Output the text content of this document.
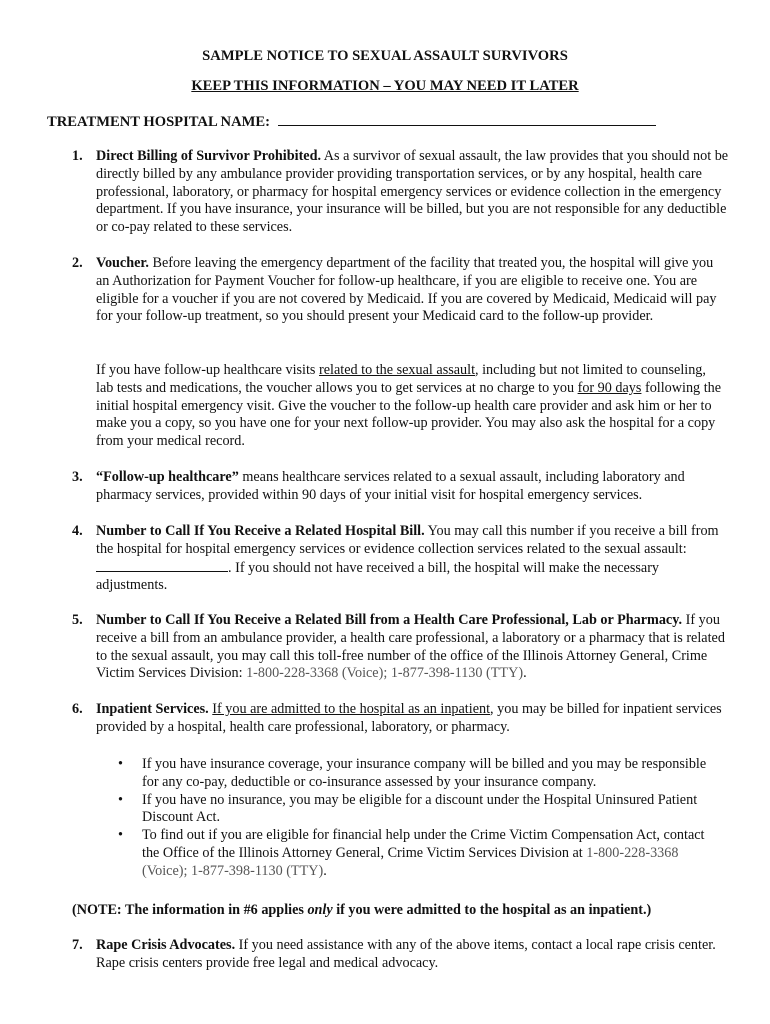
SAMPLE NOTICE TO SEXUAL ASSAULT SURVIVORS
KEEP THIS INFORMATION – YOU MAY NEED IT LATER
TREATMENT HOSPITAL NAME:
1. Direct Billing of Survivor Prohibited. As a survivor of sexual assault, the law provides that you should not be directly billed by any ambulance provider providing transportation services, or by any hospital, health care professional, laboratory, or pharmacy for hospital emergency services or evidence collection in the emergency department. If you have insurance, your insurance will be billed, but you are not responsible for any deductible or co-pay related to these services.
2. Voucher. Before leaving the emergency department of the facility that treated you, the hospital will give you an Authorization for Payment Voucher for follow-up healthcare, if you are eligible to receive one. You are eligible for a voucher if you are not covered by Medicaid. If you are covered by Medicaid, Medicaid will pay for your follow-up treatment, so you should present your Medicaid card to the follow-up provider.
If you have follow-up healthcare visits related to the sexual assault, including but not limited to counseling, lab tests and medications, the voucher allows you to get services at no charge to you for 90 days following the initial hospital emergency visit. Give the voucher to the follow-up health care provider and ask him or her to make you a copy, so you have one for your next follow-up provider. You may also ask the hospital for a copy from your medical record.
3. “Follow-up healthcare” means healthcare services related to a sexual assault, including laboratory and pharmacy services, provided within 90 days of your initial visit for hospital emergency services.
4. Number to Call If You Receive a Related Hospital Bill. You may call this number if you receive a bill from the hospital for hospital emergency services or evidence collection services related to the sexual assault: . If you should not have received a bill, the hospital will make the necessary adjustments.
5. Number to Call If You Receive a Related Bill from a Health Care Professional, Lab or Pharmacy. If you receive a bill from an ambulance provider, a health care professional, a laboratory or a pharmacy that is related to the sexual assault, you may call this toll-free number of the office of the Illinois Attorney General, Crime Victim Services Division: 1-800-228-3368 (Voice); 1-877-398-1130 (TTY).
6. Inpatient Services. If you are admitted to the hospital as an inpatient, you may be billed for inpatient services provided by a hospital, health care professional, laboratory, or pharmacy.
• If you have insurance coverage, your insurance company will be billed and you may be responsible for any co-pay, deductible or co-insurance assessed by your insurance company.
• If you have no insurance, you may be eligible for a discount under the Hospital Uninsured Patient Discount Act.
• To find out if you are eligible for financial help under the Crime Victim Compensation Act, contact the Office of the Illinois Attorney General, Crime Victim Services Division at 1-800-228-3368 (Voice); 1-877-398-1130 (TTY).
(NOTE: The information in #6 applies only if you were admitted to the hospital as an inpatient.)
7. Rape Crisis Advocates. If you need assistance with any of the above items, contact a local rape crisis center. Rape crisis centers provide free legal and medical advocacy.
